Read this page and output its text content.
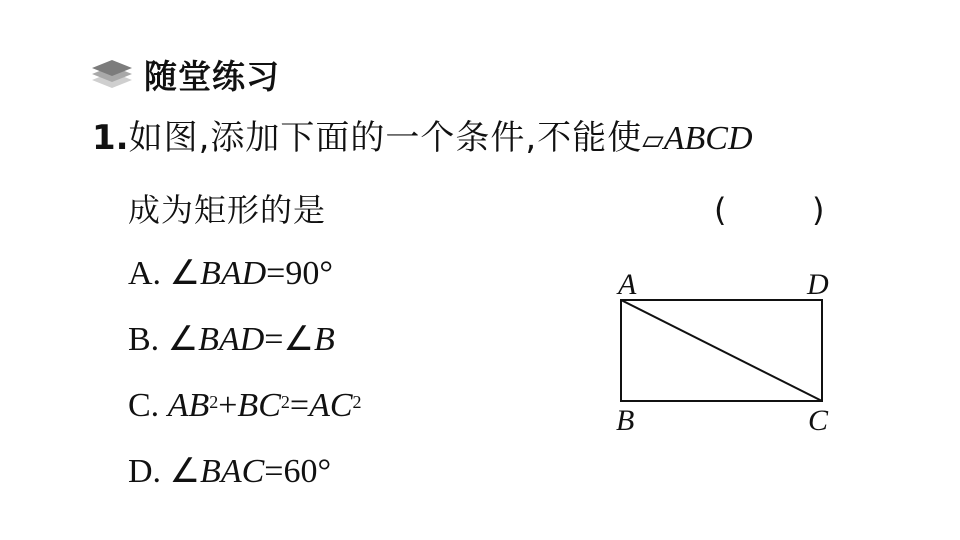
随堂练习
1.如图,添加下面的一个条件,不能使▱ABCD
成为矩形的是	(	)
A. ∠BAD=90°
B. ∠BAD=∠B
C. $AB^2+BC^2=AC^2$
D. ∠BAC=60°
A	D
B	C
